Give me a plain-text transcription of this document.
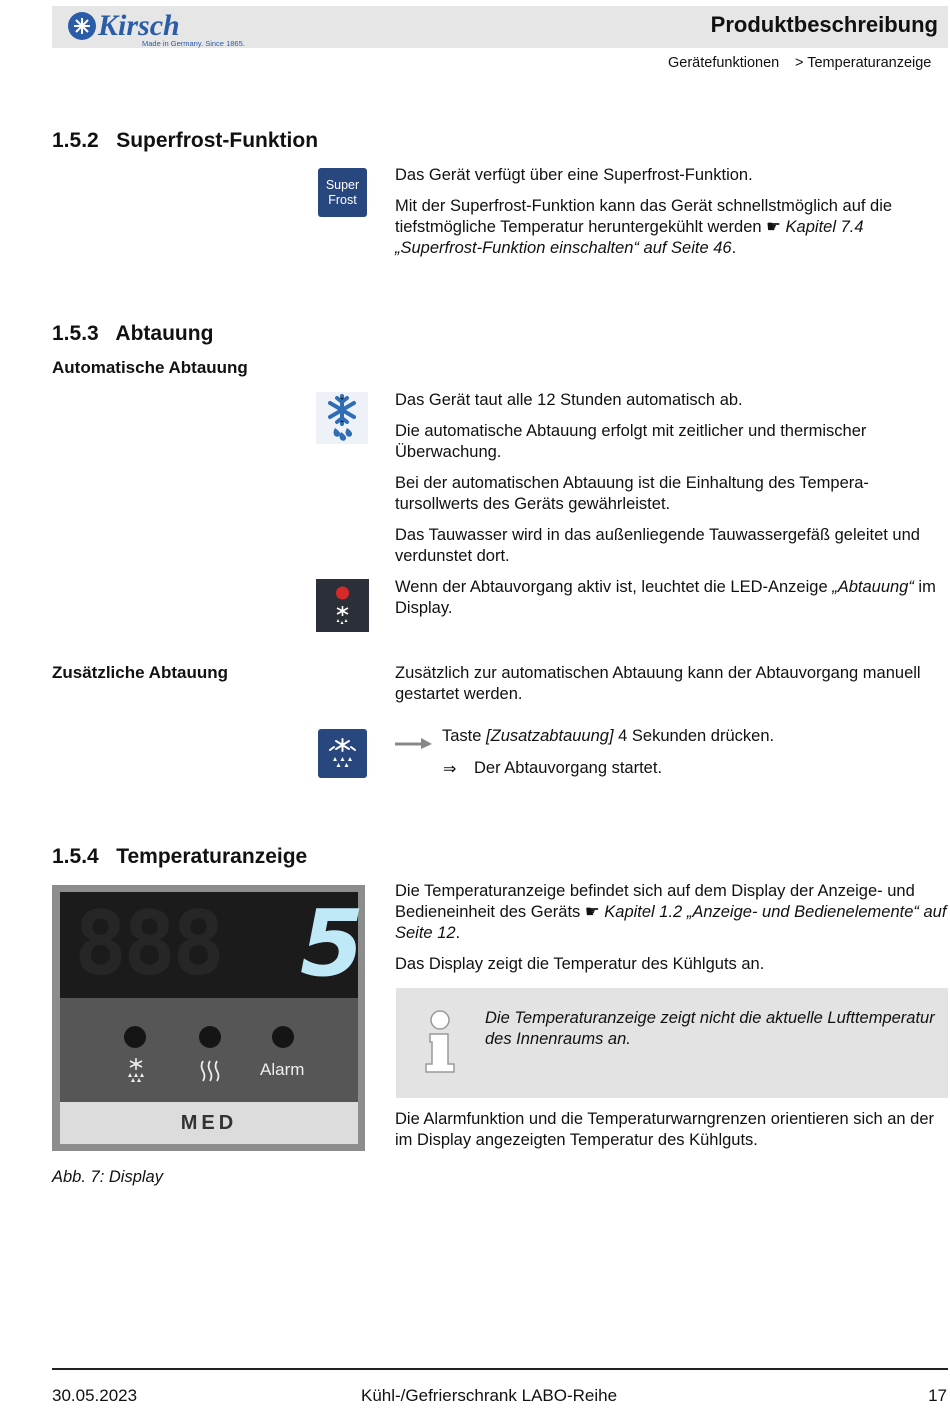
Kirsch
Made in Germany. Since 1865.
Produktbeschreibung
Gerätefunktionen > Temperaturanzeige
1.5.2   Superfrost-Funktion
Super
Frost
Das Gerät verfügt über eine Superfrost-Funktion.
Mit der Superfrost-Funktion kann das Gerät schnellstmöglich auf die tiefstmögliche Temperatur heruntergekühlt werden ☛ Kapitel 7.4 „Superfrost-Funktion einschalten“ auf Seite 46.
1.5.3   Abtauung
Automatische Abtauung
Das Gerät taut alle 12 Stunden automatisch ab.
Die automatische Abtauung erfolgt mit zeitlicher und thermischer Überwachung.
Bei der automatischen Abtauung ist die Einhaltung des Temperatursollwerts des Geräts gewährleistet.
Das Tauwasser wird in das außenliegende Tauwassergefäß geleitet und verdunstet dort.
Wenn der Abtauvorgang aktiv ist, leuchtet die LED-Anzeige „Abtauung“ im Display.
Zusätzliche Abtauung	Zusätzlich zur automatischen Abtauung kann der Abtauvorgang manuell gestartet werden.
Taste [Zusatzabtauung] 4 Sekunden drücken.
⇒ Der Abtauvorgang startet.
1.5.4   Temperaturanzeige
888 5
Alarm
MED
Abb. 7: Display
Die Temperaturanzeige befindet sich auf dem Display der Anzeige- und Bedieneinheit des Geräts ☛ Kapitel 1.2 „Anzeige- und Bedienelemente“ auf Seite 12.
Das Display zeigt die Temperatur des Kühlguts an.
Die Temperaturanzeige zeigt nicht die aktuelle Lufttemperatur des Innenraums an.
Die Alarmfunktion und die Temperaturwarngrenzen orientieren sich an der im Display angezeigten Temperatur des Kühlguts.
30.05.2023	Kühl-/Gefrierschrank LABO-Reihe	17
